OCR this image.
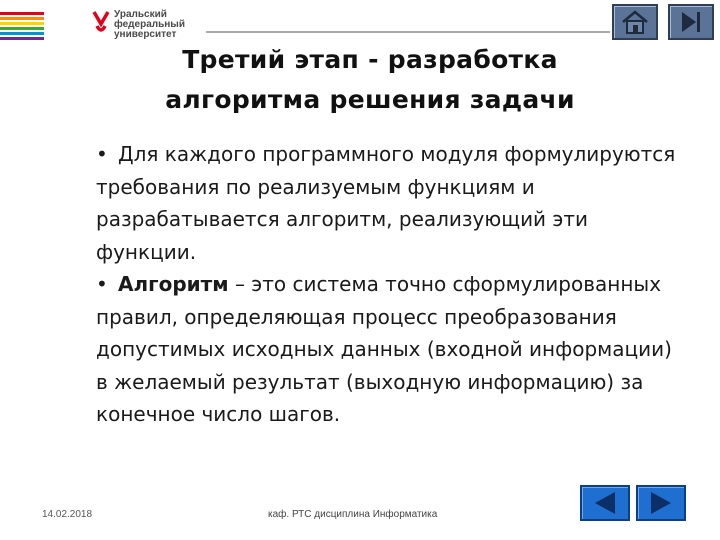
Уральский
федеральный
университет
Третий этап - разработка
алгоритма решения задачи
• Для каждого программного модуля формулируются требования по реализуемым функциям и разрабатывается алгоритм, реализующий эти функции.
• Алгоритм – это система точно сформулированных правил, определяющая процесс преобразования допустимых исходных данных (входной информации) в желаемый результат (выходную информацию) за конечное число шагов.
14.02.2018	каф. РТС дисциплина Информатика
